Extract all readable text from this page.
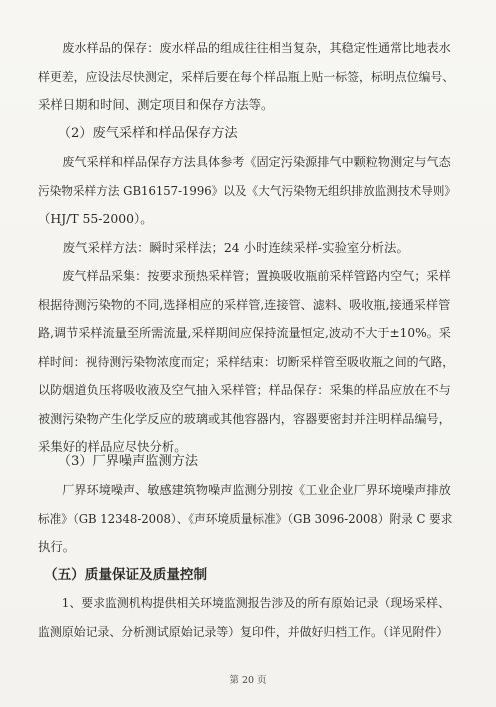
　　废水样品的保存：废水样品的组成往往相当复杂，其稳定性通常比地表水
样更差，应设法尽快测定，采样后要在每个样品瓶上贴一标签，标明点位编号、
采样日期和时间、测定项目和保存方法等。
　　（2）废气采样和样品保存方法
　　废气采样和样品保存方法具体参考《固定污染源排气中颗粒物测定与气态
污染物采样方法 GB16157-1996》以及《大气污染物无组织排放监测技术导则》
（HJ/T 55-2000）。
　　废气采样方法：瞬时采样法；24 小时连续采样-实验室分析法。
　　废气样品采集：按要求预热采样管；置换吸收瓶前采样管路内空气；采样
根据待测污染物的不同,选择相应的采样管,连接管、滤料、吸收瓶,接通采样管
路,调节采样流量至所需流量,采样期间应保持流量恒定,波动不大于±10%。采
样时间：视待测污染物浓度而定；采样结束：切断采样管至吸收瓶之间的气路，
以防烟道负压将吸收液及空气抽入采样管；样品保存：采集的样品应放在不与
被测污染物产生化学反应的玻璃或其他容器内，容器要密封并注明样品编号，
采集好的样品应尽快分析。
　　（3）厂界噪声监测方法
　　厂界环境噪声、敏感建筑物噪声监测分别按《工业企业厂界环境噪声排放
标准》（GB 12348-2008）、《声环境质量标准》（GB 3096-2008）附录 C 要求
执行。
（五）质量保证及质量控制
　　1、要求监测机构提供相关环境监测报告涉及的所有原始记录（现场采样、
监测原始记录、分析测试原始记录等）复印件，并做好归档工作。（详见附件）
第 20 页
